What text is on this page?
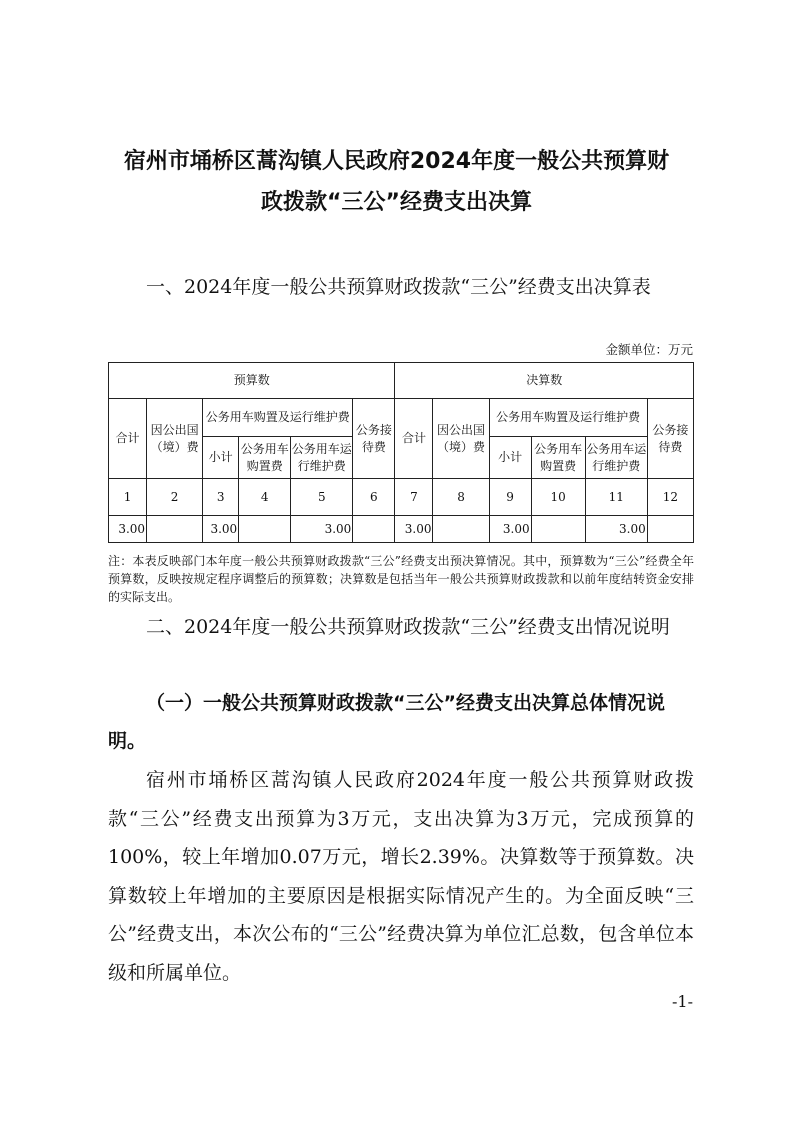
宿州市埇桥区蒿沟镇人民政府2024年度一般公共预算财
政拨款“三公”经费支出决算
一、2024年度一般公共预算财政拨款“三公”经费支出决算表
金额单位：万元
预算数						决算数					
合计	因公出国（境）费	公务用车购置及运行维护费			公务接待费	合计	因公出国（境）费	公务用车购置及运行维护费			公务接待费
		小计	公务用车购置费	公务用车运行维护费				小计	公务用车购置费	公务用车运行维护费	
1	2	3	4	5	6	7	8	9	10	11	12
3.00		3.00		3.00		3.00		3.00		3.00	
注：本表反映部门本年度一般公共预算财政拨款“三公”经费支出预决算情况。其中，预算数为“三公”经费全年预算数，反映按规定程序调整后的预算数；决算数是包括当年一般公共预算财政拨款和以前年度结转资金安排的实际支出。
二、2024年度一般公共预算财政拨款“三公”经费支出情况说明
（一）一般公共预算财政拨款“三公”经费支出决算总体情况说明。
宿州市埇桥区蒿沟镇人民政府2024年度一般公共预算财政拨款“三公”经费支出预算为3万元，支出决算为3万元，完成预算的100%，较上年增加0.07万元，增长2.39%。决算数等于预算数。决算数较上年增加的主要原因是根据实际情况产生的。为全面反映“三公”经费支出，本次公布的“三公”经费决算为单位汇总数，包含单位本级和所属单位。
-1-
